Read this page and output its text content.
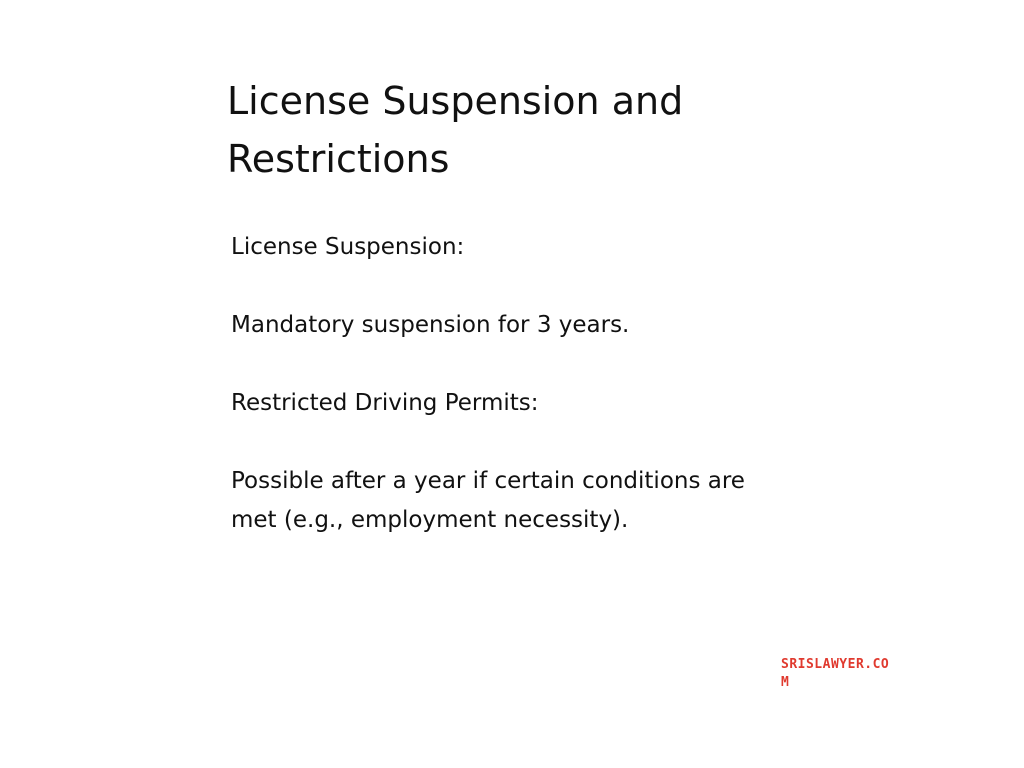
License Suspension and Restrictions

License Suspension:

Mandatory suspension for 3 years.

Restricted Driving Permits:

Possible after a year if certain conditions are met (e.g., employment necessity).

SRISLAWYER.COM
